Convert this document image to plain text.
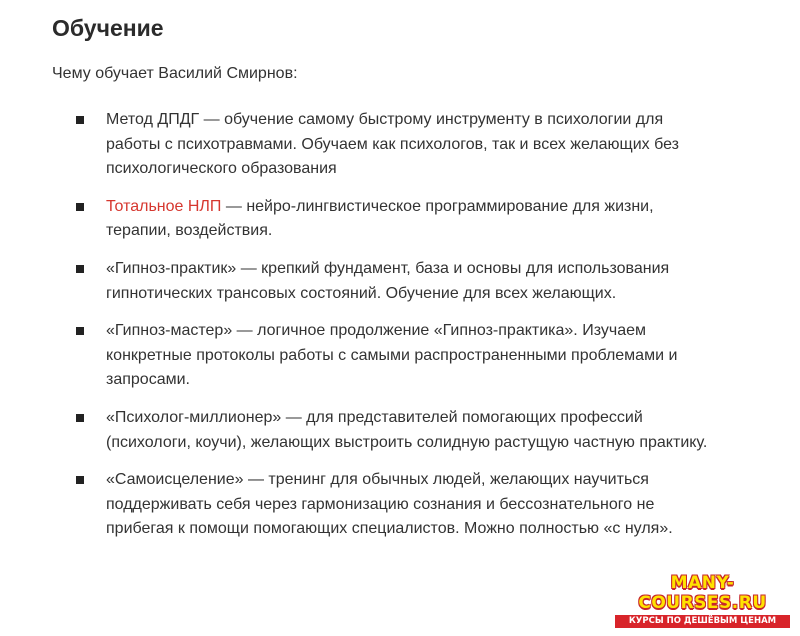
Обучение

Чему обучает Василий Смирнов:

Метод ДПДГ — обучение самому быстрому инструменту в психологии для работы с психотравмами. Обучаем как психологов, так и всех желающих без психологического образования
Тотальное НЛП — нейро-лингвистическое программирование для жизни, терапии, воздействия.
«Гипноз-практик» — крепкий фундамент, база и основы для использования гипнотических трансовых состояний. Обучение для всех желающих.
«Гипноз-мастер» — логичное продолжение «Гипноз-практика». Изучаем конкретные протоколы работы с самыми распространенными проблемами и запросами.
«Психолог-миллионер» — для представителей помогающих профессий (психологи, коучи), желающих выстроить солидную растущую частную практику.
«Самоисцеление» — тренинг для обычных людей, желающих научиться поддерживать себя через гармонизацию сознания и бессознательного не прибегая к помощи помогающих специалистов. Можно полностью «с нуля».
MANY-COURSES.RU
КУРСЫ ПО ДЕШЁВЫМ ЦЕНАМ
